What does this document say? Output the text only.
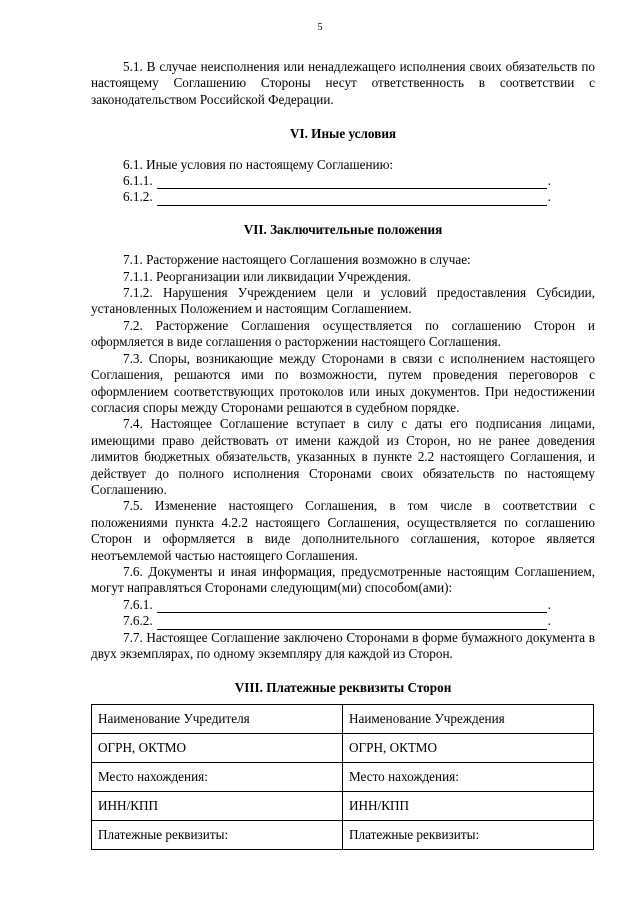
5

5.1. В случае неисполнения или ненадлежащего исполнения своих обязательств по настоящему Соглашению Стороны несут ответственность в соответствии с законодательством Российской Федерации.

VI. Иные условия

6.1. Иные условия по настоящему Соглашению:

6.1.1.	.

6.1.2.	.

VII. Заключительные положения

7.1. Расторжение настоящего Соглашения возможно в случае:

7.1.1. Реорганизации или ликвидации Учреждения.

7.1.2. Нарушения Учреждением цели и условий предоставления Субсидии, установленных Положением и настоящим Соглашением.

7.2. Расторжение Соглашения осуществляется по соглашению Сторон и оформляется в виде соглашения о расторжении настоящего Соглашения.

7.3. Споры, возникающие между Сторонами в связи с исполнением настоящего Соглашения, решаются ими по возможности, путем проведения переговоров с оформлением соответствующих протоколов или иных документов. При недостижении согласия споры между Сторонами решаются в судебном порядке.

7.4. Настоящее Соглашение вступает в силу с даты его подписания лицами, имеющими право действовать от имени каждой из Сторон, но не ранее доведения лимитов бюджетных обязательств, указанных в пункте 2.2 настоящего Соглашения, и действует до полного исполнения Сторонами своих обязательств по настоящему Соглашению.

7.5. Изменение настоящего Соглашения, в том числе в соответствии с положениями пункта 4.2.2 настоящего Соглашения, осуществляется по соглашению Сторон и оформляется в виде дополнительного соглашения, которое является неотъемлемой частью настоящего Соглашения.

7.6. Документы и иная информация, предусмотренные настоящим Соглашением, могут направляться Сторонами следующим(ми) способом(ами):

7.6.1.	.

7.6.2.	.

7.7. Настоящее Соглашение заключено Сторонами в форме бумажного документа в двух экземплярах, по одному экземпляру для каждой из Сторон.

VIII. Платежные реквизиты Сторон

Наименование Учредителя	Наименование Учреждения
ОГРН, ОКТМО	ОГРН, ОКТМО
Место нахождения:	Место нахождения:
ИНН/КПП	ИНН/КПП
Платежные реквизиты:	Платежные реквизиты:
